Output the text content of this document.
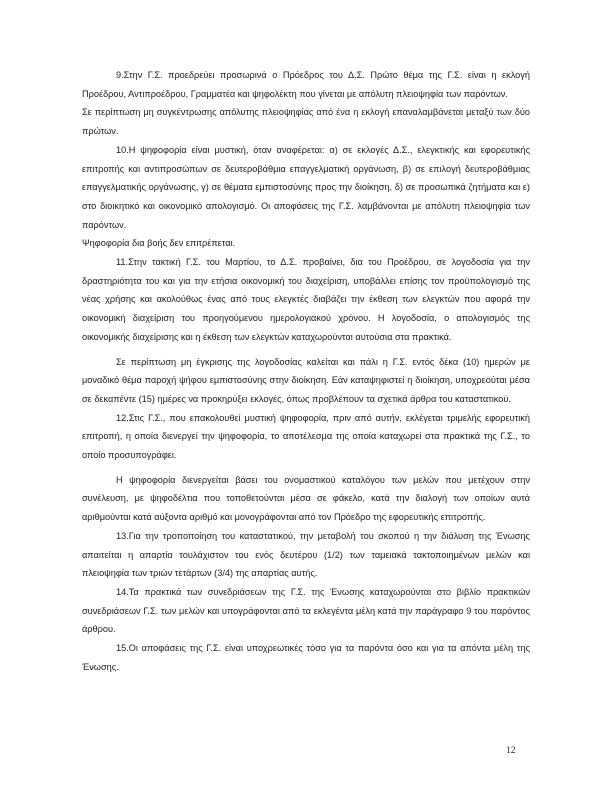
9.Στην Γ.Σ. προεδρεύει προσωρινά ο Πρόεδρος του Δ.Σ. Πρώτο θέμα της Γ.Σ. είναι η εκλογή Προέδρου, Αντιπροέδρου, Γραμματέα και ψηφολέκτη που γίνεται με απόλυτη πλειοψηφία των παρόντων.

Σε περίπτωση μη συγκέντρωσης απόλυτης πλειοψηφίας από ένα η εκλογή επαναλαμβάνεται μεταξύ των δύο πρώτων.

10.Η ψηφοφορία είναι μυστική, όταν αναφέρεται: α) σε εκλογές Δ.Σ., ελεγκτικής και εφορευτικής επιτροπής και αντιπροσώπων σε δευτεροβάθμια επαγγελματική οργάνωση, β) σε επιλογή δευτεροβάθμιας επαγγελματικής οργάνωσης, γ) σε θέματα εμπιστοσύνης προς την διοίκηση, δ) σε προσωπικά ζητήματα και ε) στο διοικητικό και οικονομικό απολογισμό. Οι αποφάσεις της Γ.Σ. λαμβάνονται με απόλυτη πλειοψηφία των παρόντων.

Ψηφοφορία δια βοής δεν επιτρέπεται.

11.Στην τακτική Γ.Σ. του Μαρτίου, το Δ.Σ. προβαίνει, δια του Προέδρου, σε λογοδοσία για την δραστηριότητα του και για την ετήσια οικονομική του διαχείριση, υποβάλλει επίσης τον προϋπολογισμό της νέας χρήσης και ακολούθως ένας από τους ελεγκτές διαβάζει την έκθεση των ελεγκτών που αφορά την οικονομική διαχείριση του προηγούμενου ημερολογιακού χρόνου. Η λογοδοσία, ο απολογισμός της οικονομικής διαχείρισης και η έκθεση των ελεγκτών καταχωρούνται αυτούσια στα πρακτικά.

Σε περίπτωση μη έγκρισης της λογοδοσίας καλείται και πάλι η Γ.Σ. εντός δέκα (10) ημερών με μοναδικό θέμα παροχή ψήφου εμπιστοσύνης στην διοίκηση. Εάν καταψηφιστεί η διοίκηση, υποχρεούται μέσα σε δεκαπέντε (15) ημέρες να προκηρύξει εκλογές, όπως προβλέπουν τα σχετικά άρθρα του καταστατικού.

12.Στις Γ.Σ., που επακολουθεί μυστική ψηφοφορία, πριν από αυτήν, εκλέγεται τριμελής εφορευτική επιτροπή, η οποία διενεργεί την ψηφοφορία, το αποτέλεσμα της οποία καταχωρεί στα πρακτικά της Γ.Σ., το οποίο προσυπογράφει.

Η ψηφοφορία διενεργείται βάσει του ονομαστικού καταλόγου των μελών που μετέχουν στην συνέλευση, με ψηφοδέλτια που τοποθετούνται μέσα σε φάκελο, κατά την διαλογή των οποίων αυτά αριθμούνται κατά αύξοντα αριθμό και μονογράφονται από τον Πρόεδρο της εφορευτικής επιτροπής.

13.Για την τροποποίηση του καταστατικού, την μεταβολή του σκοπού η την διάλυση της Ένωσης απαιτείται η απαρτία τουλάχιστον του ενός δευτέρου (1/2) των ταμειακά τακτοποιημένων μελών και πλειοψηφία των τριών τετάρτων (3/4) της απαρτίας αυτής.

14.Τα πρακτικά των συνεδριάσεων της Γ.Σ. της Ένωσης καταχωρούνται στο βιβλίο πρακτικών συνεδριάσεων Γ.Σ. των μελών και υπογράφονται από τα εκλεγέντα μέλη κατά την παράγραφο 9 του παρόντος άρθρου.

15.Οι αποφάσεις της Γ.Σ. είναι υποχρεωτικές τόσο για τα παρόντα όσο και για τα απόντα μέλη της Ένωσης.

12
